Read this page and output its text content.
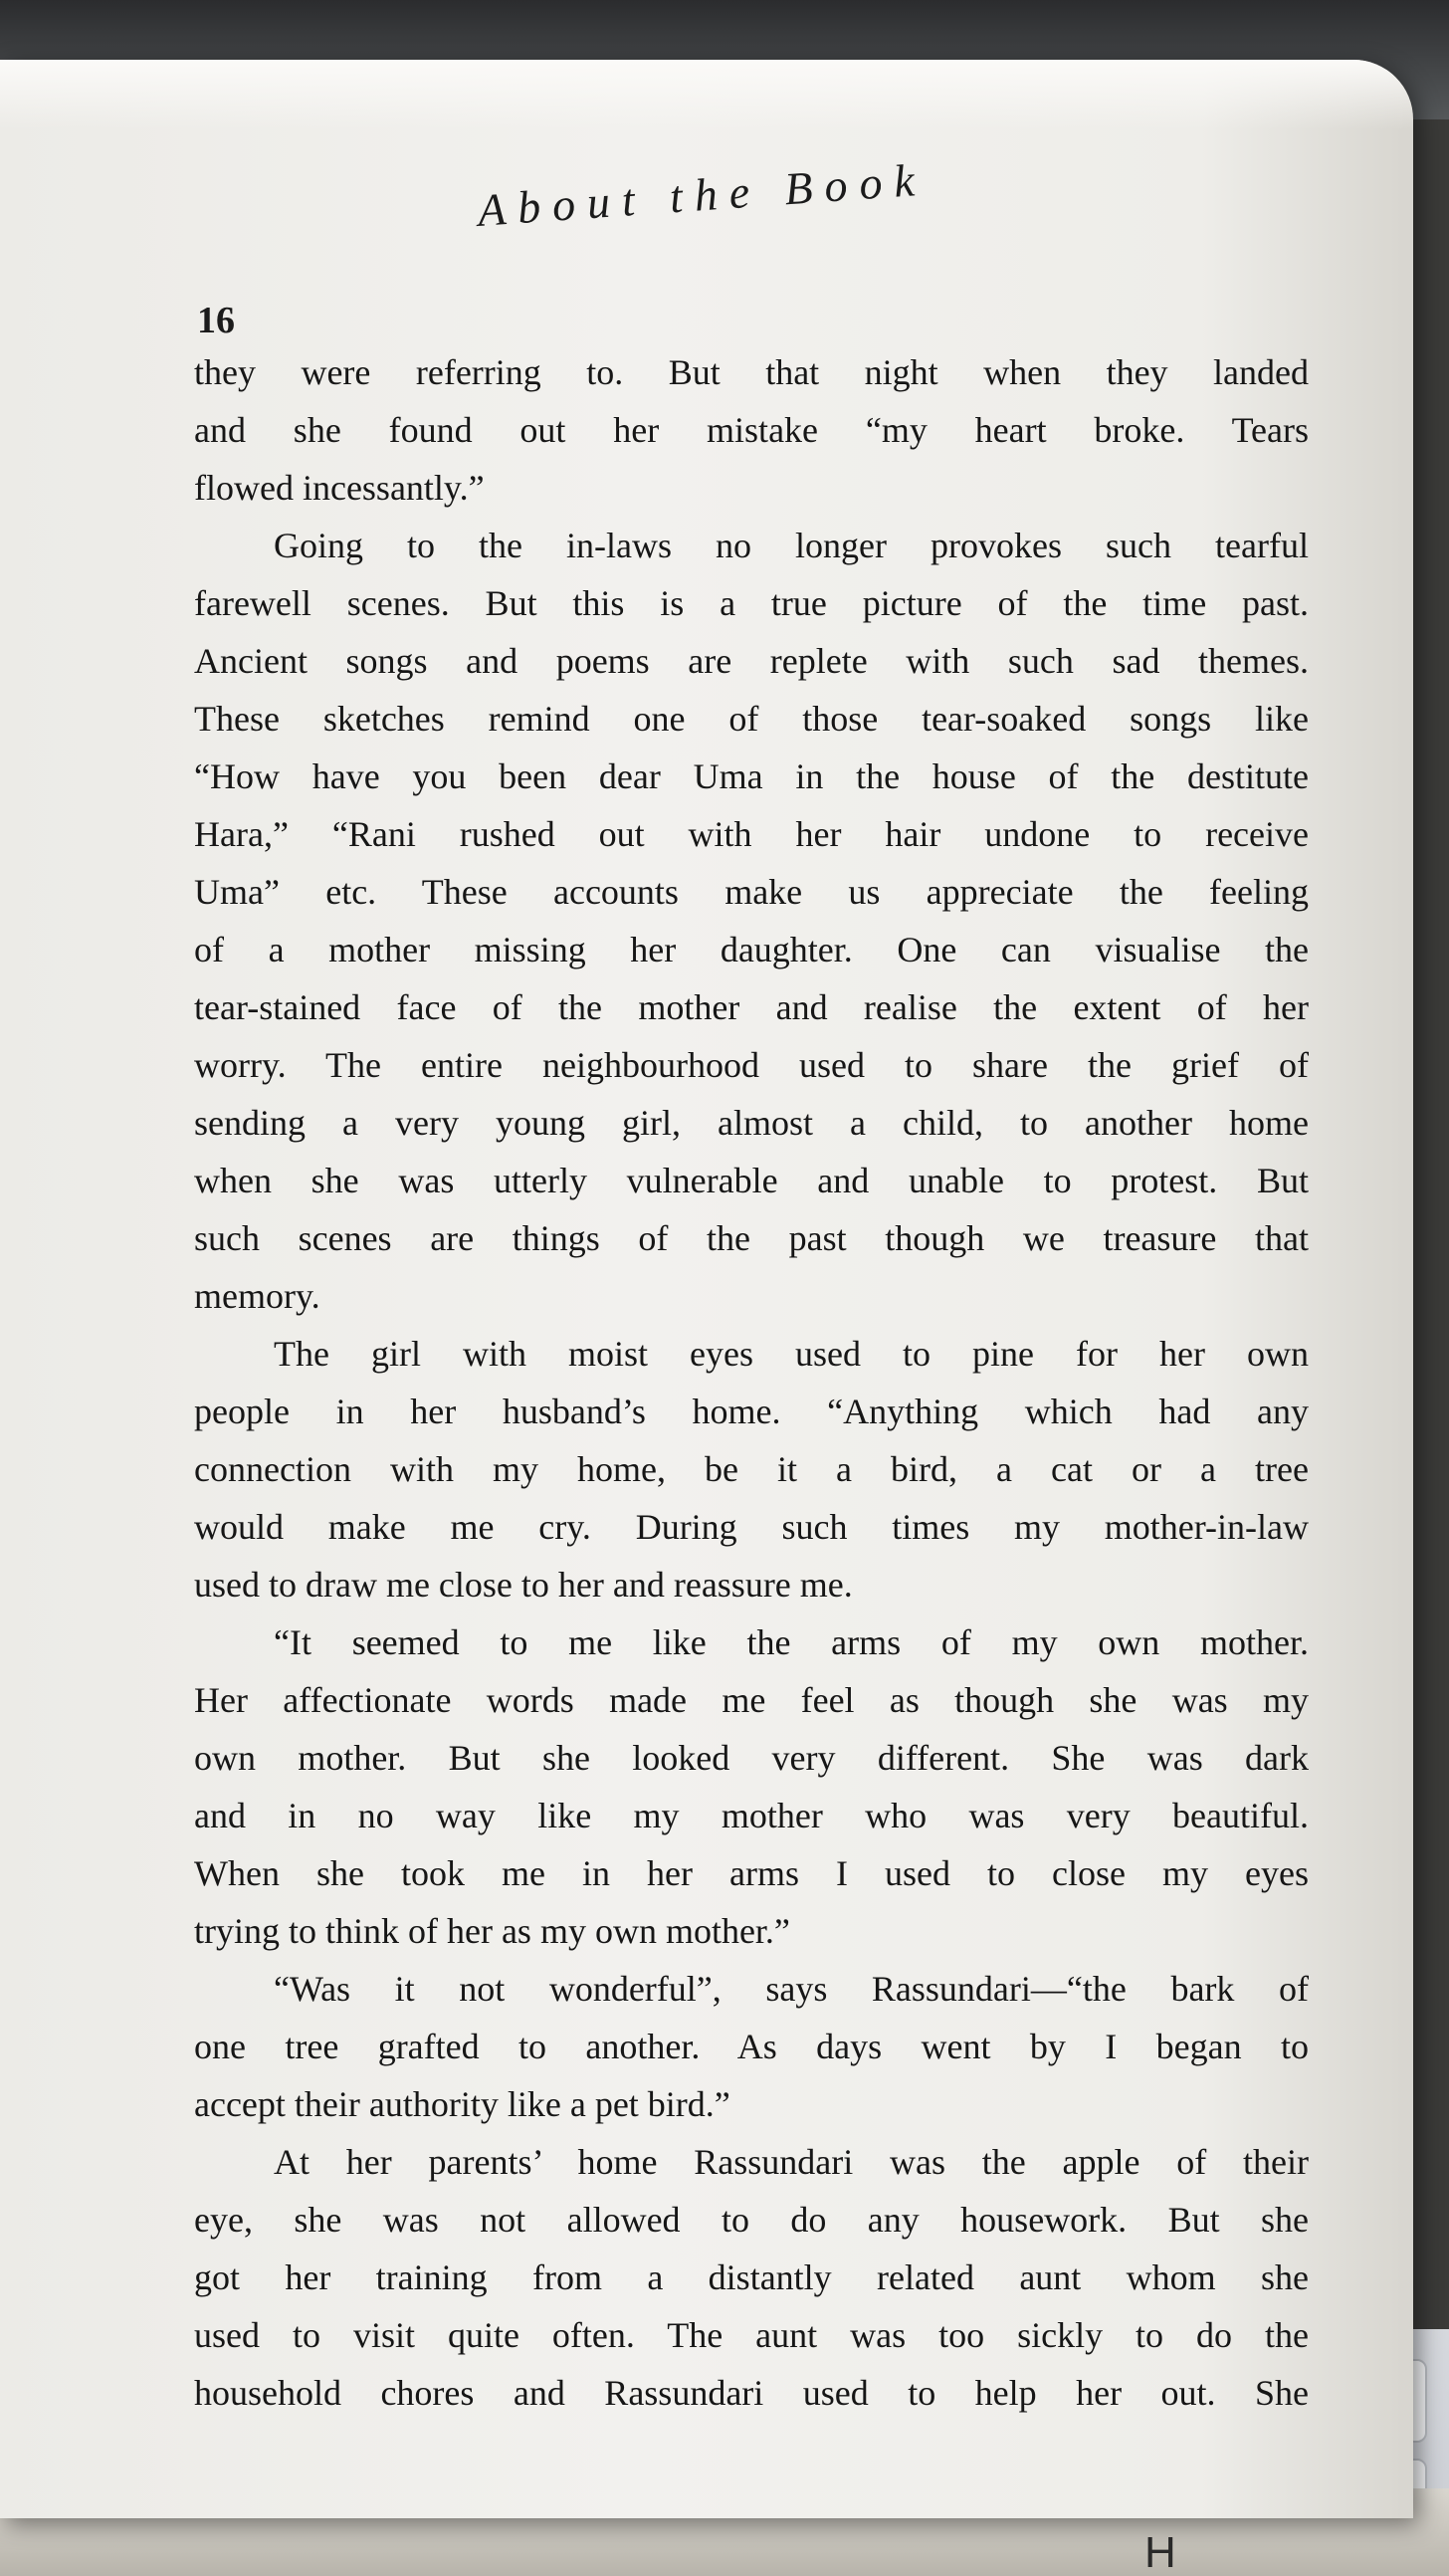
H
About the Book
16
they were referring to. But that night when they landed
and she found out her mistake “my heart broke. Tears
flowed incessantly.”
Going to the in-laws no longer provokes such tearful
farewell scenes. But this is a true picture of the time past.
Ancient songs and poems are replete with such sad themes.
These sketches remind one of those tear-soaked songs like
“How have you been dear Uma in the house of the destitute
Hara,” “Rani rushed out with her hair undone to receive
Uma” etc. These accounts make us appreciate the feeling
of a mother missing her daughter. One can visualise the
tear-stained face of the mother and realise the extent of her
worry. The entire neighbourhood used to share the grief of
sending a very young girl, almost a child, to another home
when she was utterly vulnerable and unable to protest. But
such scenes are things of the past though we treasure that
memory.
The girl with moist eyes used to pine for her own
people in her husband’s home. “Anything which had any
connection with my home, be it a bird, a cat or a tree
would make me cry. During such times my mother-in-law
used to draw me close to her and reassure me.
“It seemed to me like the arms of my own mother.
Her affectionate words made me feel as though she was my
own mother. But she looked very different. She was dark
and in no way like my mother who was very beautiful.
When she took me in her arms I used to close my eyes
trying to think of her as my own mother.”
“Was it not wonderful”, says Rassundari—“the bark of
one tree grafted to another. As days went by I began to
accept their authority like a pet bird.”
At her parents’ home Rassundari was the apple of their
eye, she was not allowed to do any housework. But she
got her training from a distantly related aunt whom she
used to visit quite often. The aunt was too sickly to do the
household chores and Rassundari used to help her out. She
